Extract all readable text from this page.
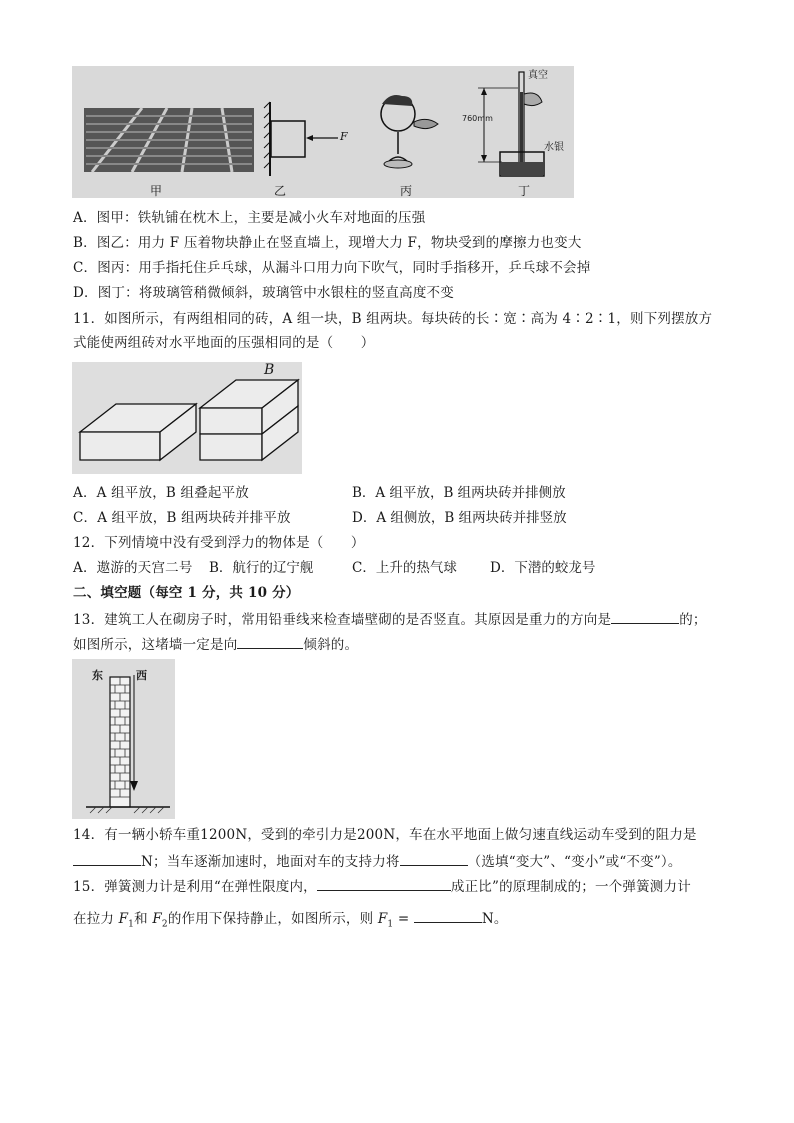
甲	乙	丙	丁
F
真空
760mm
水银
A．图甲：铁轨铺在枕木上，主要是减小火车对地面的压强
B．图乙：用力 F 压着物块静止在竖直墙上，现增大力 F，物块受到的摩擦力也变大
C．图丙：用手指托住乒乓球，从漏斗口用力向下吹气，同时手指移开，乒乓球不会掉
D．图丁：将玻璃管稍微倾斜，玻璃管中水银柱的竖直高度不变
11．如图所示，有两组相同的砖，A 组一块，B 组两块。每块砖的长∶宽∶高为 4∶2∶1，则下列摆放方
式能使两组砖对水平地面的压强相同的是（　　）
B
A．A 组平放，B 组叠起平放	B．A 组平放，B 组两块砖并排侧放
C．A 组平放，B 组两块砖并排平放	D．A 组侧放，B 组两块砖并排竖放
12．下列情境中没有受到浮力的物体是（　　）
A．遨游的天宫二号 B．航行的辽宁舰	C．上升的热气球 D．下潜的蛟龙号
二、填空题（每空 1 分，共 10 分）
13．建筑工人在砌房子时，常用铅垂线来检查墙壁砌的是否竖直。其原因是重力的方向是	的；
如图所示，这堵墙一定是向	倾斜的。
东	西
14．有一辆小轿车重1200N，受到的牵引力是200N，车在水平地面上做匀速直线运动车受到的阻力是
N；当车逐渐加速时，地面对车的支持力将	（选填“变大”、“变小”或“不变”）。
15．弹簧测力计是利用“在弹性限度内，	成正比”的原理制成的；一个弹簧测力计
在拉力 $F_1$和 $F_2$的作用下保持静止，如图所示，则 $F_1$ =	N。
